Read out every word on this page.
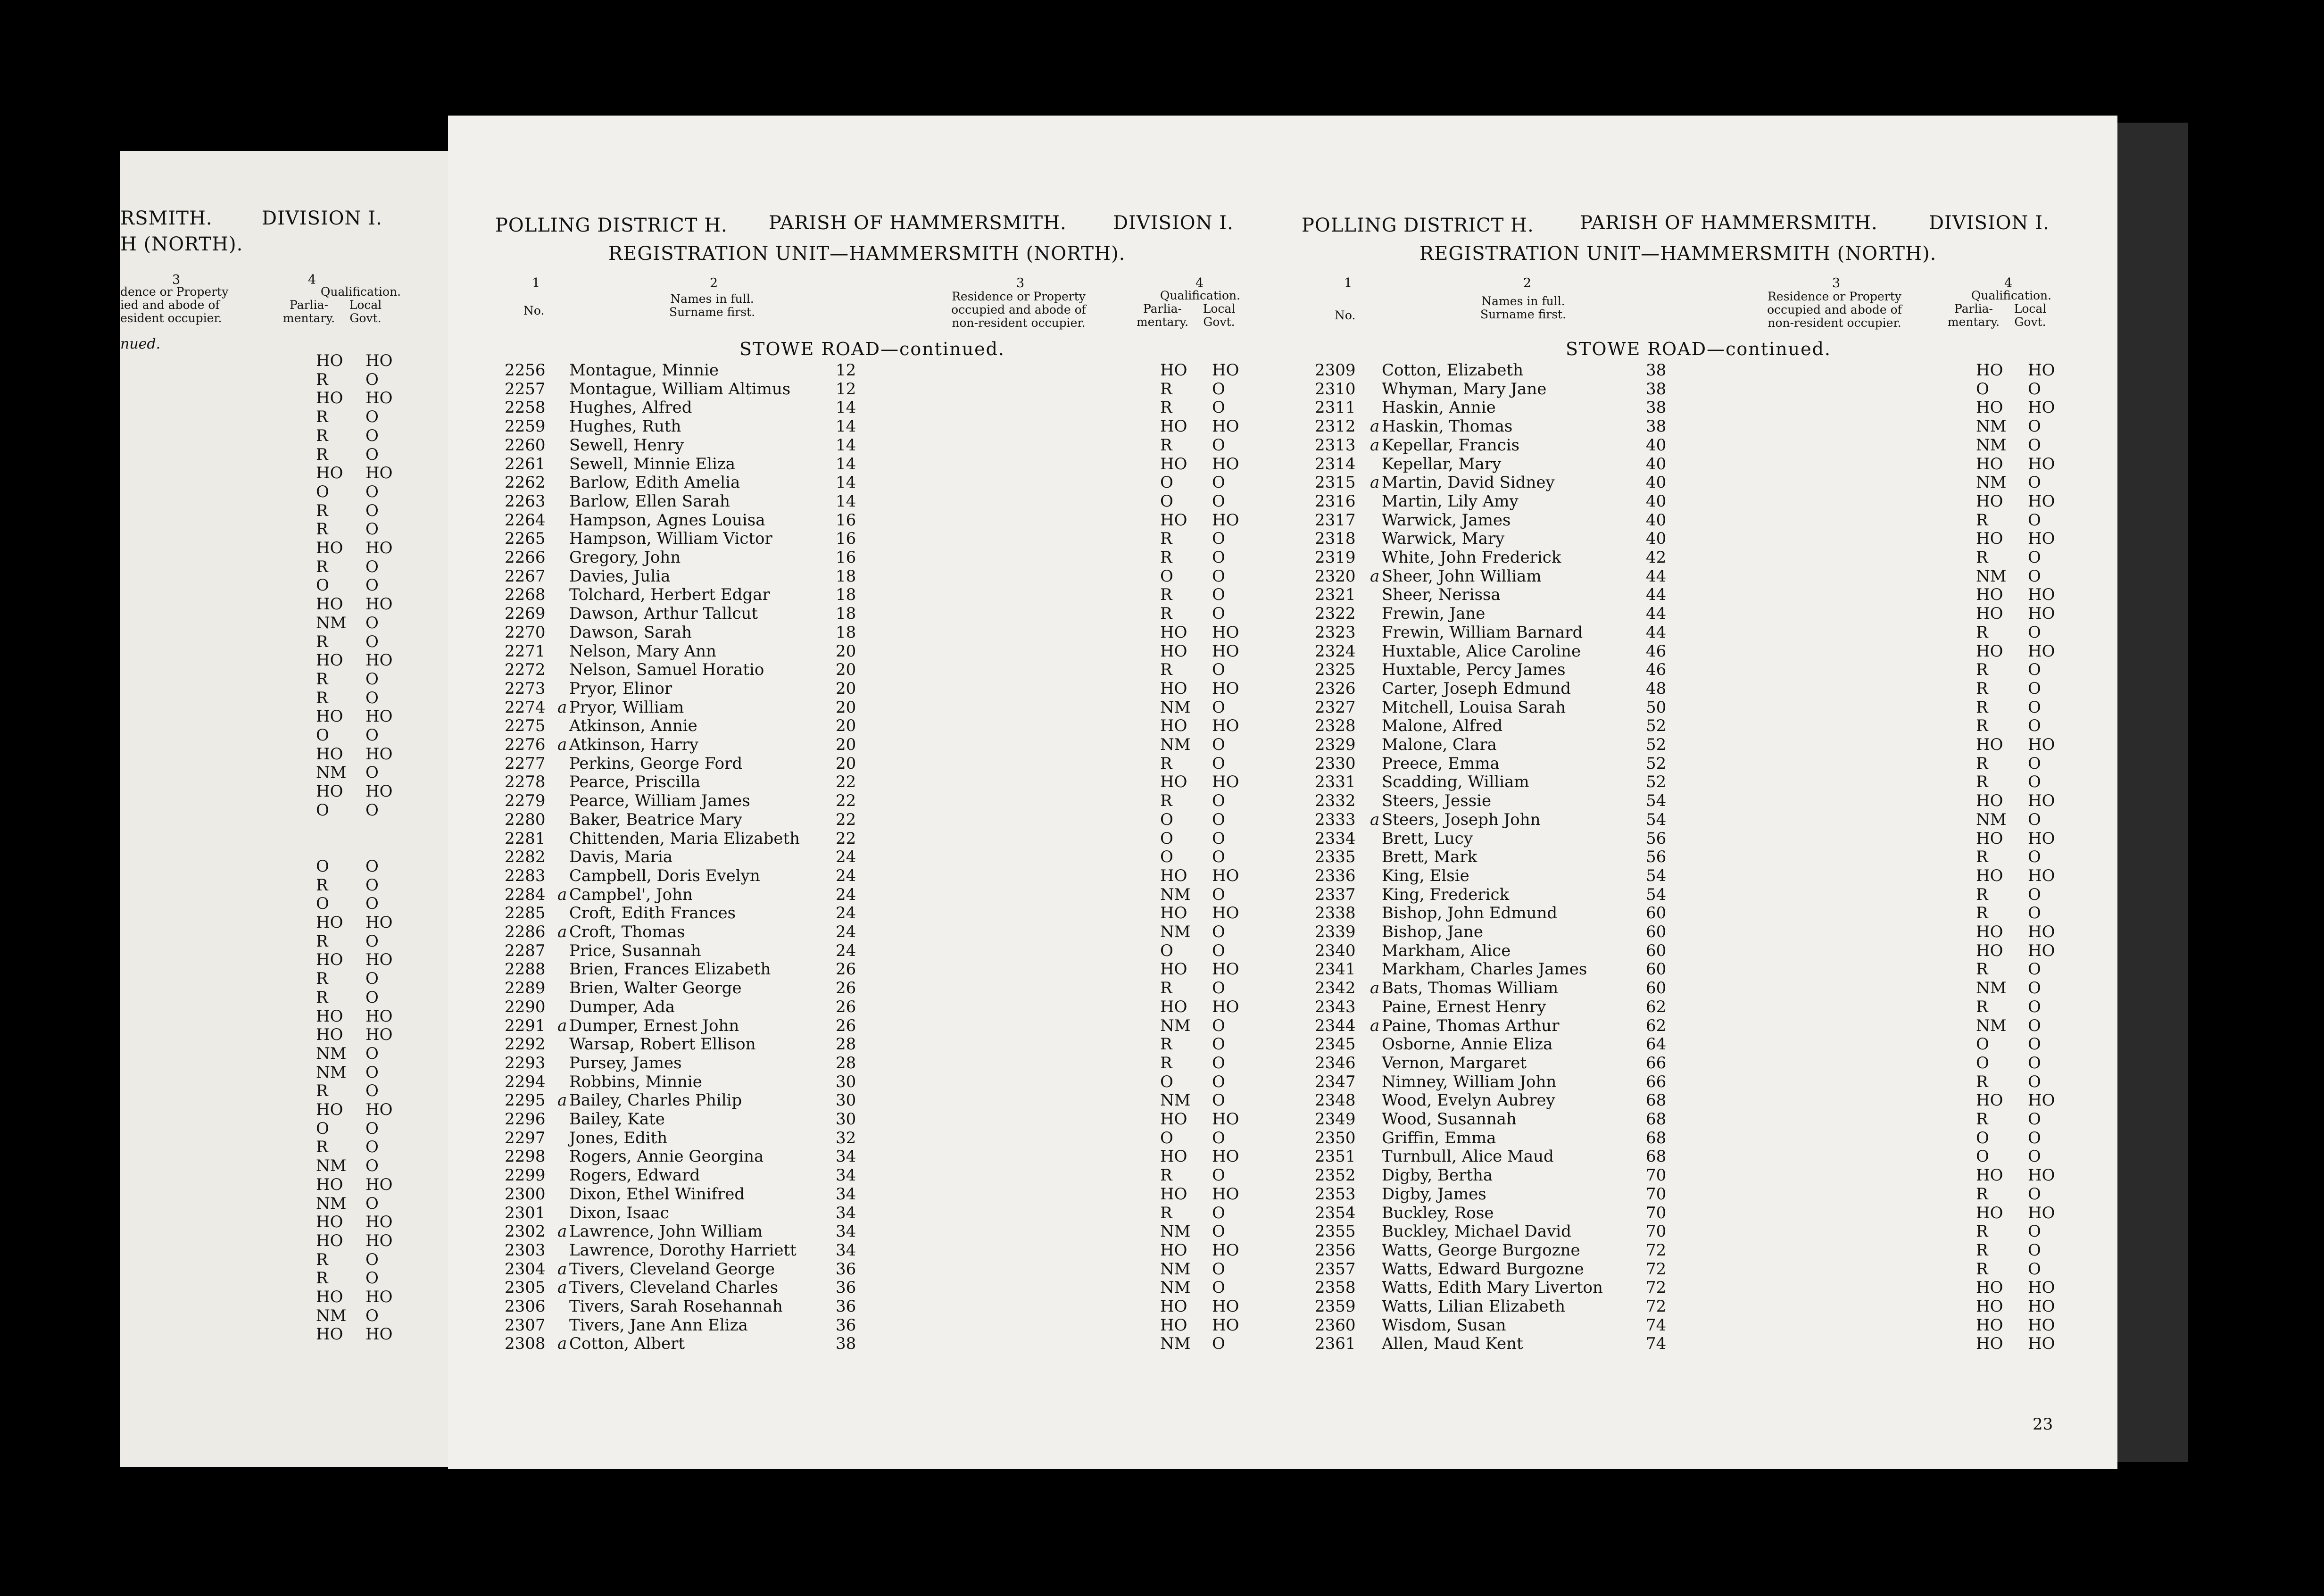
RSMITH.	DIVISION I.
H (NORTH).
3
dence or Property
ied and abode of
esident occupier.
4
Qualification.
Parlia-
mentary.
Local
Govt.
nued.
HO HO
R O
HO HO
R O
R O
R O
HO HO
O O
R O
R O
HO HO
R O
O O
HO HO
NM O
R O
HO HO
R O
R O
HO HO
O O
HO HO
NM O
HO HO
O O
O O
R O
O O
HO HO
R O
HO HO
R O
R O
HO HO
HO HO
NM O
NM O
R O
HO HO
O O
R O
NM O
HO HO
NM O
HO HO
HO HO
R O
R O
HO HO
NM O
HO HO
POLLING DISTRICT H. PARISH OF HAMMERSMITH. DIVISION I.
REGISTRATION UNIT—HAMMERSMITH (NORTH).
1
No.
2
Names in full.
Surname first.
3
Residence or Property
occupied and abode of
non-resident occupier.
4
Qualification.
Parlia-
mentary.
Local
Govt.
STOWE ROAD—continued.
POLLING DISTRICT H. PARISH OF HAMMERSMITH.	DIVISION I.
REGISTRATION UNIT—HAMMERSMITH (NORTH).
1
No.
2
Names in full.
Surname first.
3
Residence or Property
occupied and abode of
non-resident occupier.
4
Qualification.
Parlia-
mentary.
Local
Govt.
STOWE ROAD—continued.
2256 Montague, Minnie	12	HO HO
2257 Montague, William Altimus	12	R O
2258 Hughes, Alfred	14	R O
2259 Hughes, Ruth	14	HO HO
2260 Sewell, Henry	14	R O
2261 Sewell, Minnie Eliza	14	HO HO
2262 Barlow, Edith Amelia	14	O O
2263 Barlow, Ellen Sarah	14	O O
2264 Hampson, Agnes Louisa	16	HO HO
2265 Hampson, William Victor	16	R O
2266 Gregory, John	16	R O
2267 Davies, Julia	18	O O
2268 Tolchard, Herbert Edgar	18	R O
2269 Dawson, Arthur Tallcut	18	R O
2270 Dawson, Sarah	18	HO HO
2271 Nelson, Mary Ann	20	HO HO
2272 Nelson, Samuel Horatio	20	R O
2273 Pryor, Elinor	20	HO HO
2274 a Pryor, William	20	NM O
2275 Atkinson, Annie	20	HO HO
2276 a Atkinson, Harry	20	NM O
2277 Perkins, George Ford	20	R O
2278 Pearce, Priscilla	22	HO HO
2279 Pearce, William James	22	R O
2280 Baker, Beatrice Mary	22	O O
2281 Chittenden, Maria Elizabeth 22	O O
2282 Davis, Maria	24	O O
2283 Campbell, Doris Evelyn	24	HO HO
2284 a Campbel', John	24	NM O
2285 Croft, Edith Frances	24	HO HO
2286 a Croft, Thomas	24	NM O
2287 Price, Susannah	24	O O
2288 Brien, Frances Elizabeth	26	HO HO
2289 Brien, Walter George	26	R O
2290 Dumper, Ada	26	HO HO
2291 a Dumper, Ernest John	26	NM O
2292 Warsap, Robert Ellison	28	R O
2293 Pursey, James	28	R O
2294 Robbins, Minnie	30	O O
2295 a Bailey, Charles Philip	30	NM O
2296 Bailey, Kate	30	HO HO
2297 Jones, Edith	32	O O
2298 Rogers, Annie Georgina	34	HO HO
2299 Rogers, Edward	34	R O
2300 Dixon, Ethel Winifred	34	HO HO
2301 Dixon, Isaac	34	R O
2302 a Lawrence, John William	34	NM O
2303 Lawrence, Dorothy Harriett 34	HO HO
2304 a Tivers, Cleveland George	36	NM O
2305 a Tivers, Cleveland Charles	36	NM O
2306 Tivers, Sarah Rosehannah	36	HO HO
2307 Tivers, Jane Ann Eliza	36	HO HO
2308 a Cotton, Albert	38	NM O
2309 Cotton, Elizabeth	38	HO HO
2310 Whyman, Mary Jane	38	O O
2311 Haskin, Annie	38	HO HO
2312 a Haskin, Thomas	38	NM O
2313 a Kepellar, Francis	40	NM O
2314 Kepellar, Mary	40	HO HO
2315 a Martin, David Sidney	40	NM O
2316 Martin, Lily Amy	40	HO HO
2317 Warwick, James	40	R O
2318 Warwick, Mary	40	HO HO
2319 White, John Frederick	42	R O
2320 a Sheer, John William	44	NM O
2321 Sheer, Nerissa	44	HO HO
2322 Frewin, Jane	44	HO HO
2323 Frewin, William Barnard	44	R O
2324 Huxtable, Alice Caroline	46	HO HO
2325 Huxtable, Percy James	46	R O
2326 Carter, Joseph Edmund	48	R O
2327 Mitchell, Louisa Sarah	50	R O
2328 Malone, Alfred	52	R O
2329 Malone, Clara	52	HO HO
2330 Preece, Emma	52	R O
2331 Scadding, William	52	R O
2332 Steers, Jessie	54	HO HO
2333 a Steers, Joseph John	54	NM O
2334 Brett, Lucy	56	HO HO
2335 Brett, Mark	56	R O
2336 King, Elsie	54	HO HO
2337 King, Frederick	54	R O
2338 Bishop, John Edmund	60	R O
2339 Bishop, Jane	60	HO HO
2340 Markham, Alice	60	HO HO
2341 Markham, Charles James	60	R O
2342 a Bats, Thomas William	60	NM O
2343 Paine, Ernest Henry	62	R O
2344 a Paine, Thomas Arthur	62	NM O
2345 Osborne, Annie Eliza	64	O O
2346 Vernon, Margaret	66	O O
2347 Nimney, William John	66	R O
2348 Wood, Evelyn Aubrey	68	HO HO
2349 Wood, Susannah	68	R O
2350 Griffin, Emma	68	O O
2351 Turnbull, Alice Maud	68	O O
2352 Digby, Bertha	70	HO HO
2353 Digby, James	70	R O
2354 Buckley, Rose	70	HO HO
2355 Buckley, Michael David	70	R O
2356 Watts, George Burgozne	72	R O
2357 Watts, Edward Burgozne	72	R O
2358 Watts, Edith Mary Liverton	72	HO HO
2359 Watts, Lilian Elizabeth	72	HO HO
2360 Wisdom, Susan	74	HO HO
2361 Allen, Maud Kent	74	HO HO
23
